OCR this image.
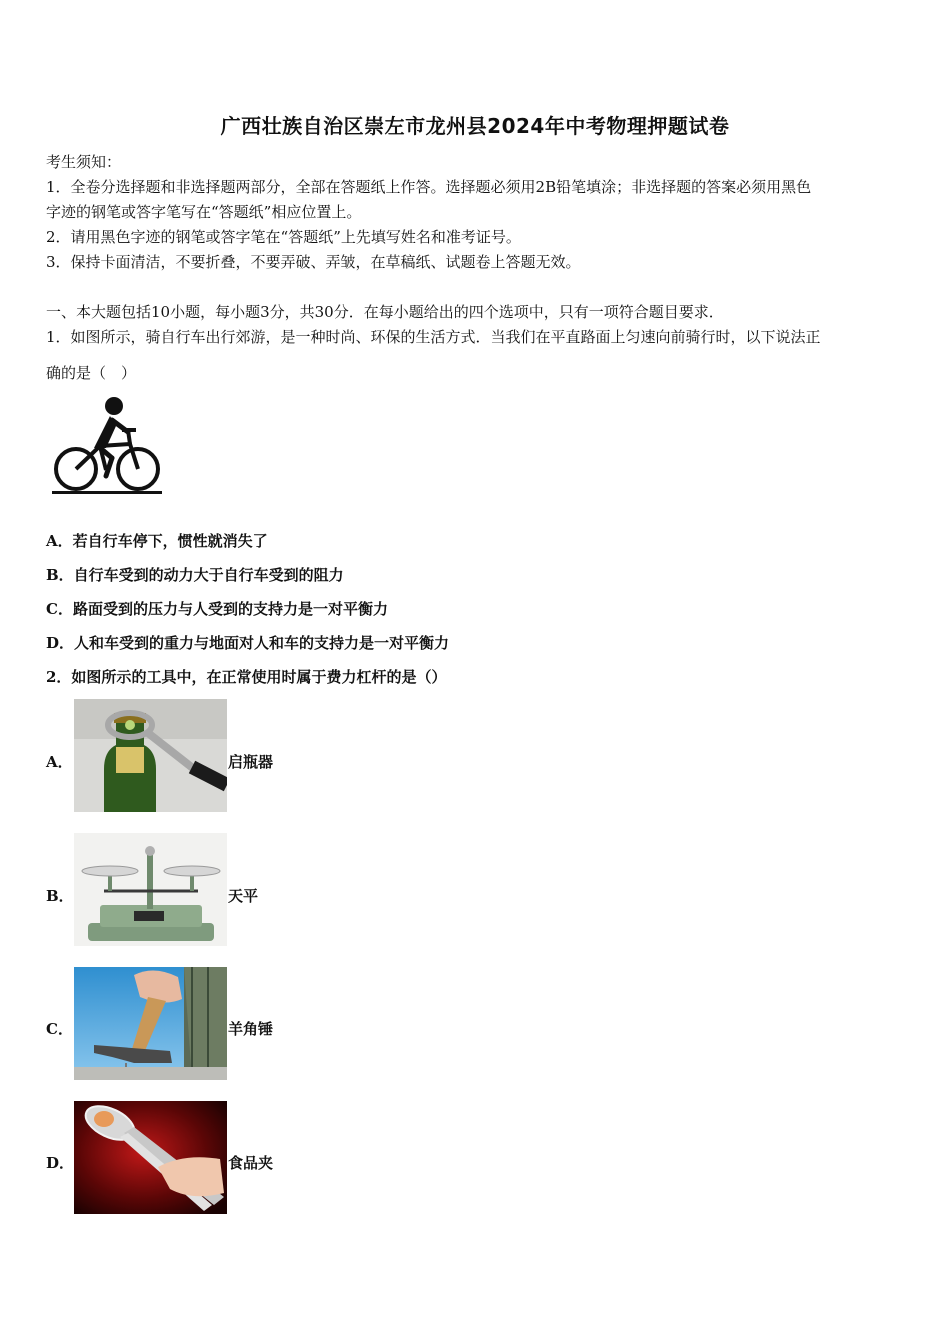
广西壮族自治区崇左市龙州县2024年中考物理押题试卷
考生须知：
1．全卷分选择题和非选择题两部分，全部在答题纸上作答。选择题必须用2B铅笔填涂；非选择题的答案必须用黑色
字迹的钢笔或答字笔写在“答题纸”相应位置上。
2．请用黑色字迹的钢笔或答字笔在“答题纸”上先填写姓名和准考证号。
3．保持卡面清洁，不要折叠，不要弄破、弄皱，在草稿纸、试题卷上答题无效。
一、本大题包括10小题，每小题3分，共30分．在每小题给出的四个选项中，只有一项符合题目要求．
1．如图所示，骑自行车出行郊游，是一种时尚、环保的生活方式．当我们在平直路面上匀速向前骑行时，以下说法正
确的是（　）
A．若自行车停下，惯性就消失了
B．自行车受到的动力大于自行车受到的阻力
C．路面受到的压力与人受到的支持力是一对平衡力
D．人和车受到的重力与地面对人和车的支持力是一对平衡力
2．如图所示的工具中，在正常使用时属于费力杠杆的是（）
A．	启瓶器
B．	天平
C．	羊角锤
D．	食品夹
